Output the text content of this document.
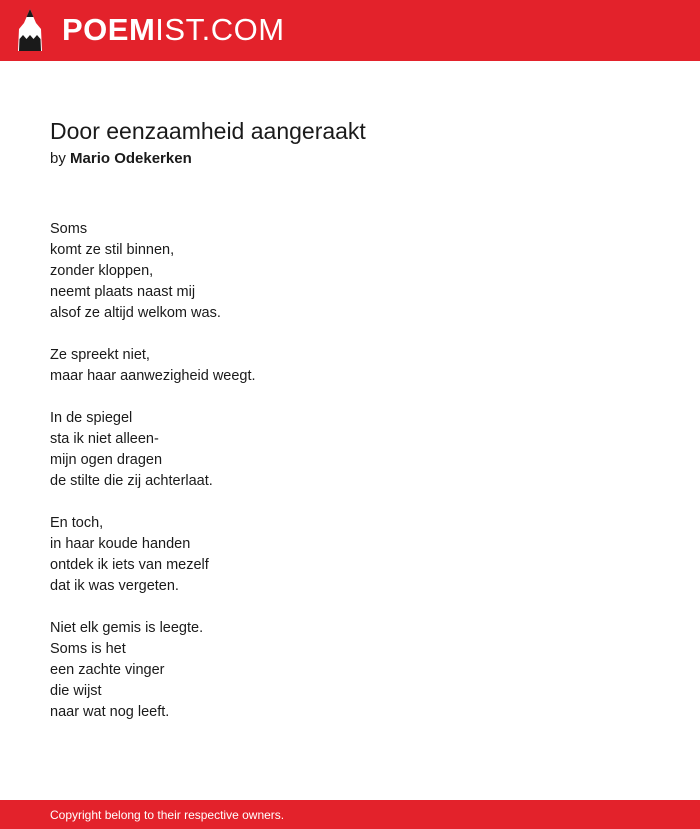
POEMIST.COM
Door eenzaamheid aangeraakt
by Mario Odekerken
Soms
komt ze stil binnen,
zonder kloppen,
neemt plaats naast mij
alsof ze altijd welkom was.
Ze spreekt niet,
maar haar aanwezigheid weegt.
In de spiegel
sta ik niet alleen-
mijn ogen dragen
de stilte die zij achterlaat.
En toch,
in haar koude handen
ontdek ik iets van mezelf
dat ik was vergeten.
Niet elk gemis is leegte.
Soms is het
een zachte vinger
die wijst
naar wat nog leeft.
Copyright belong to their respective owners.
